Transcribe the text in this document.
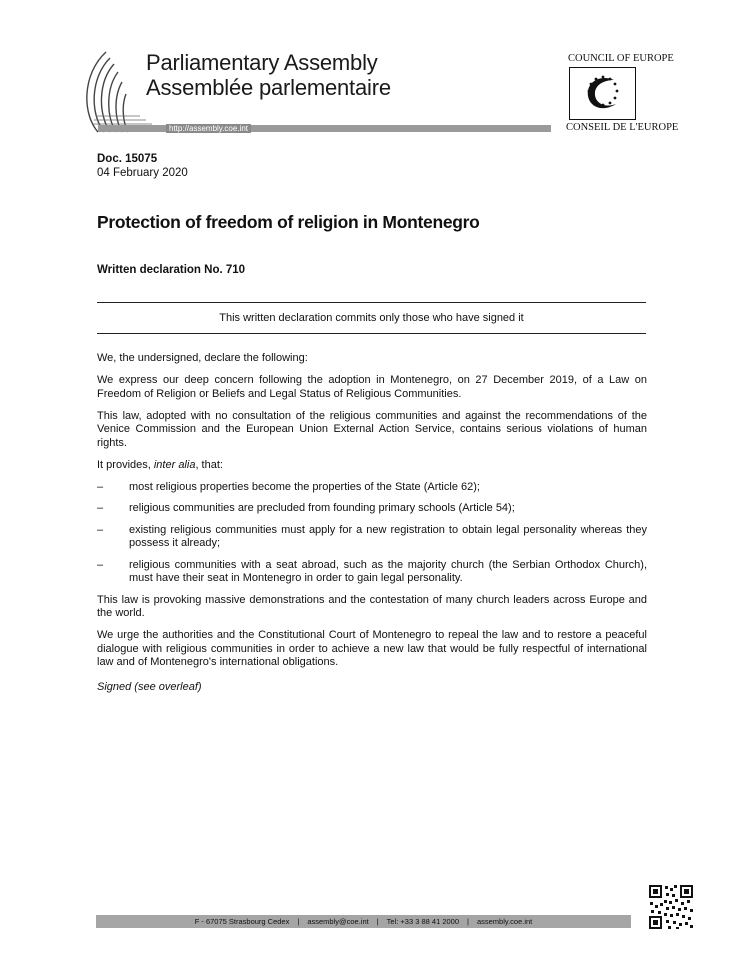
Parliamentary Assembly
Assemblée parlementaire
http://assembly.coe.int
COUNCIL OF EUROPE
CONSEIL DE L'EUROPE
Doc. 15075
04 February 2020
Protection of freedom of religion in Montenegro
Written declaration No. 710
This written declaration commits only those who have signed it

We, the undersigned, declare the following:

We express our deep concern following the adoption in Montenegro, on 27 December 2019, of a Law on Freedom of Religion or Beliefs and Legal Status of Religious Communities.

This law, adopted with no consultation of the religious communities and against the recommendations of the Venice Commission and the European Union External Action Service, contains serious violations of human rights.

It provides, inter alia, that:

– most religious properties become the properties of the State (Article 62);
– religious communities are precluded from founding primary schools (Article 54);
– existing religious communities must apply for a new registration to obtain legal personality whereas they possess it already;
– religious communities with a seat abroad, such as the majority church (the Serbian Orthodox Church), must have their seat in Montenegro in order to gain legal personality.

This law is provoking massive demonstrations and the contestation of many church leaders across Europe and the world.

We urge the authorities and the Constitutional Court of Montenegro to repeal the law and to restore a peaceful dialogue with religious communities in order to achieve a new law that would be fully respectful of international law and of Montenegro's international obligations.

Signed (see overleaf)

F - 67075 Strasbourg Cedex | assembly@coe.int | Tel: +33 3 88 41 2000 | assembly.coe.int
